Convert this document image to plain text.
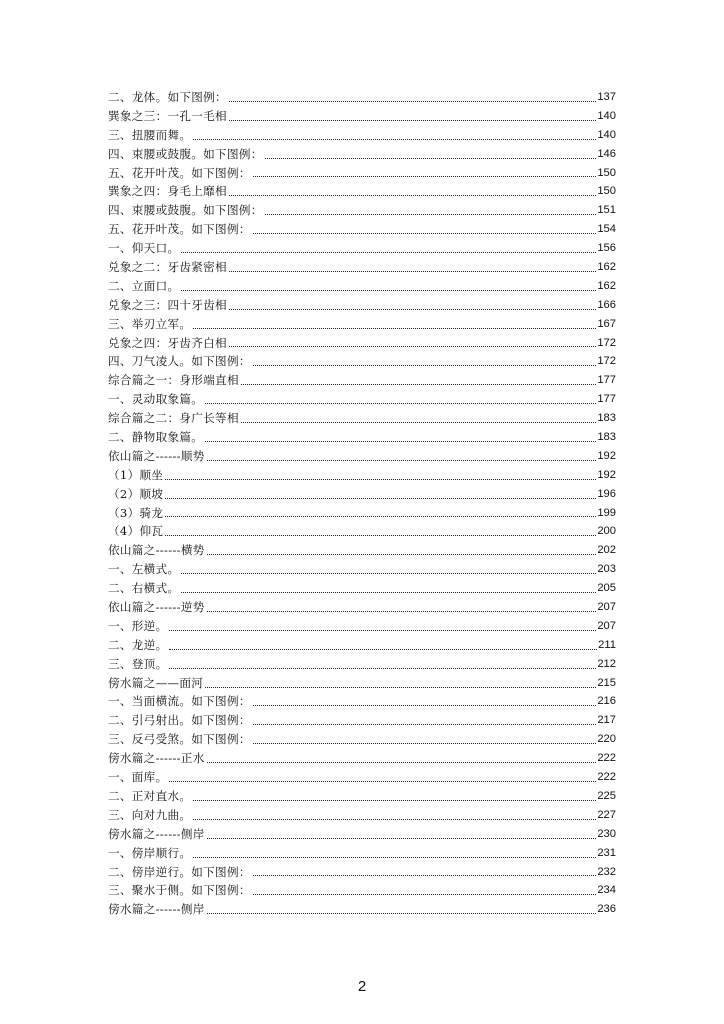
二、龙体。如下图例：	137
巽象之三：一孔一毛相	140
三、扭腰而舞。	140
四、束腰或鼓腹。如下图例：	146
五、花开叶茂。如下图例：	150
巽象之四：身毛上靡相	150
四、束腰或鼓腹。如下图例：	151
五、花开叶茂。如下图例：	154
一、仰天口。	156
兑象之二：牙齿紧密相	162
二、立面口。	162
兑象之三：四十牙齿相	166
三、举刃立军。	167
兑象之四：牙齿齐白相	172
四、刀气凌人。如下图例：	172
综合篇之一：身形端直相	177
一、灵动取象篇。	177
综合篇之二：身广长等相	183
二、静物取象篇。	183
依山篇之------顺势	192
（1）顺坐	192
（2）顺坡	196
（3）骑龙	199
（4）仰瓦	200
依山篇之------横势	202
一、左横式。	203
二、右横式。	205
依山篇之------逆势	207
一、形逆。	207
二、龙逆。	211
三、登顶。	212
傍水篇之——面河	215
一、当面横流。如下图例：	216
二、引弓射出。如下图例：	217
三、反弓受煞。如下图例：	220
傍水篇之------正水	222
一、面库。	222
二、正对直水。	225
三、向对九曲。	227
傍水篇之------侧岸	230
一、傍岸顺行。	231
二、傍岸逆行。如下图例：	232
三、聚水于侧。如下图例：	234
傍水篇之------侧岸	236
2
